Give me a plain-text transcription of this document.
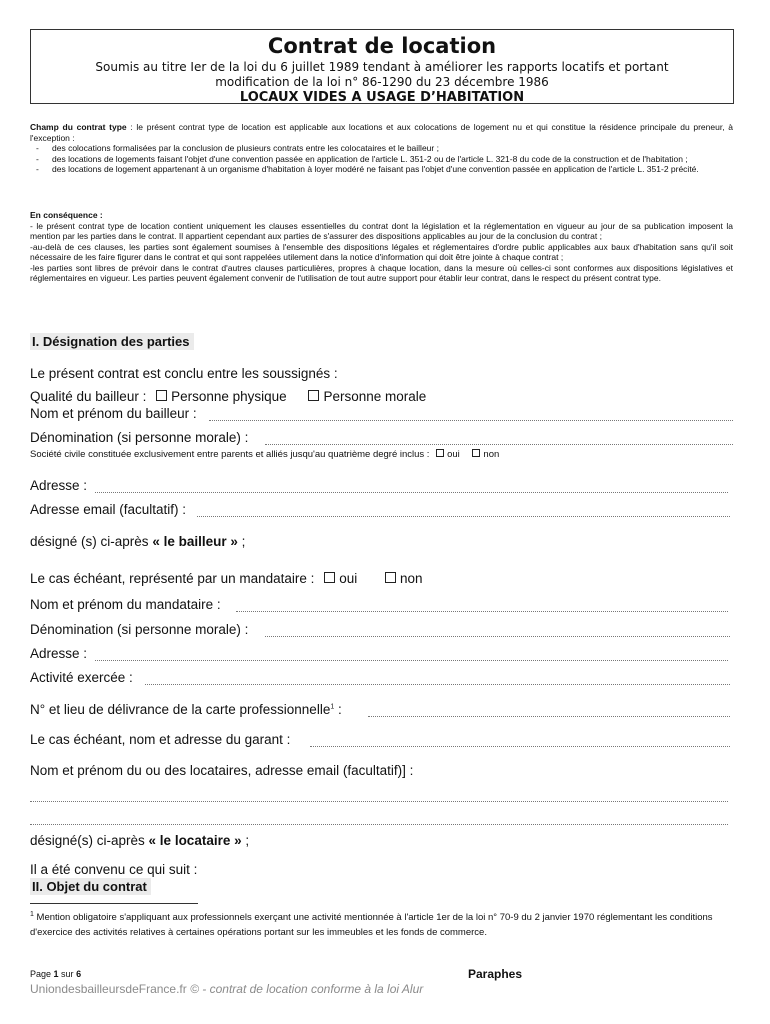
Contrat de location
Soumis au titre Ier de la loi du 6 juillet 1989 tendant à améliorer les rapports locatifs et portant modification de la loi n° 86-1290 du 23 décembre 1986
LOCAUX VIDES A USAGE D’HABITATION

Champ du contrat type : le présent contrat type de location est applicable aux locations et aux colocations de logement nu et qui constitue la résidence principale du preneur, à l'exception :

- des colocations formalisées par la conclusion de plusieurs contrats entre les colocataires et le bailleur ;
- des locations de logements faisant l'objet d'une convention passée en application de l'article L. 351-2 ou de l'article L. 321-8 du code de la construction et de l'habitation ;
- des locations de logement appartenant à un organisme d'habitation à loyer modéré ne faisant pas l'objet d'une convention passée en application de l'article L. 351-2 précité.

En conséquence :

- le présent contrat type de location contient uniquement les clauses essentielles du contrat dont la législation et la réglementation en vigueur au jour de sa publication imposent la mention par les parties dans le contrat. Il appartient cependant aux parties de s'assurer des dispositions applicables au jour de la conclusion du contrat ;

-au-delà de ces clauses, les parties sont également soumises à l'ensemble des dispositions légales et réglementaires d'ordre public applicables aux baux d'habitation sans qu'il soit nécessaire de les faire figurer dans le contrat et qui sont rappelées utilement dans la notice d'information qui doit être jointe à chaque contrat ;

-les parties sont libres de prévoir dans le contrat d'autres clauses particulières, propres à chaque location, dans la mesure où celles-ci sont conformes aux dispositions législatives et réglementaires en vigueur. Les parties peuvent également convenir de l'utilisation de tout autre support pour établir leur contrat, dans le respect du présent contrat type.

I. Désignation des parties
Le présent contrat est conclu entre les soussignés :
Qualité du bailleur : Personne physique	Personne morale
Nom et prénom du bailleur :
Dénomination (si personne morale) :
Société civile constituée exclusivement entre parents et alliés jusqu'au quatrième degré inclus : oui non
Adresse :
Adresse email (facultatif) :
désigné (s) ci-après « le bailleur » ;
Le cas échéant, représenté par un mandataire : oui	non
Nom et prénom du mandataire :
Dénomination (si personne morale) :
Adresse :
Activité exercée :
N° et lieu de délivrance de la carte professionnelle$^1$ :
Le cas échéant, nom et adresse du garant :
Nom et prénom du ou des locataires, adresse email (facultatif)] :
désigné(s) ci-après « le locataire » ;
Il a été convenu ce qui suit :
II. Objet du contrat
$^1$ Mention obligatoire s'appliquant aux professionnels exerçant une activité mentionnée à l'article 1er de la loi n° 70-9 du 2 janvier 1970 réglementant les conditions d'exercice des activités relatives à certaines opérations portant sur les immeubles et les fonds de commerce.
Page 1 sur 6	Paraphes
UniondesbailleursdeFrance.fr © - contrat de location conforme à la loi Alur
